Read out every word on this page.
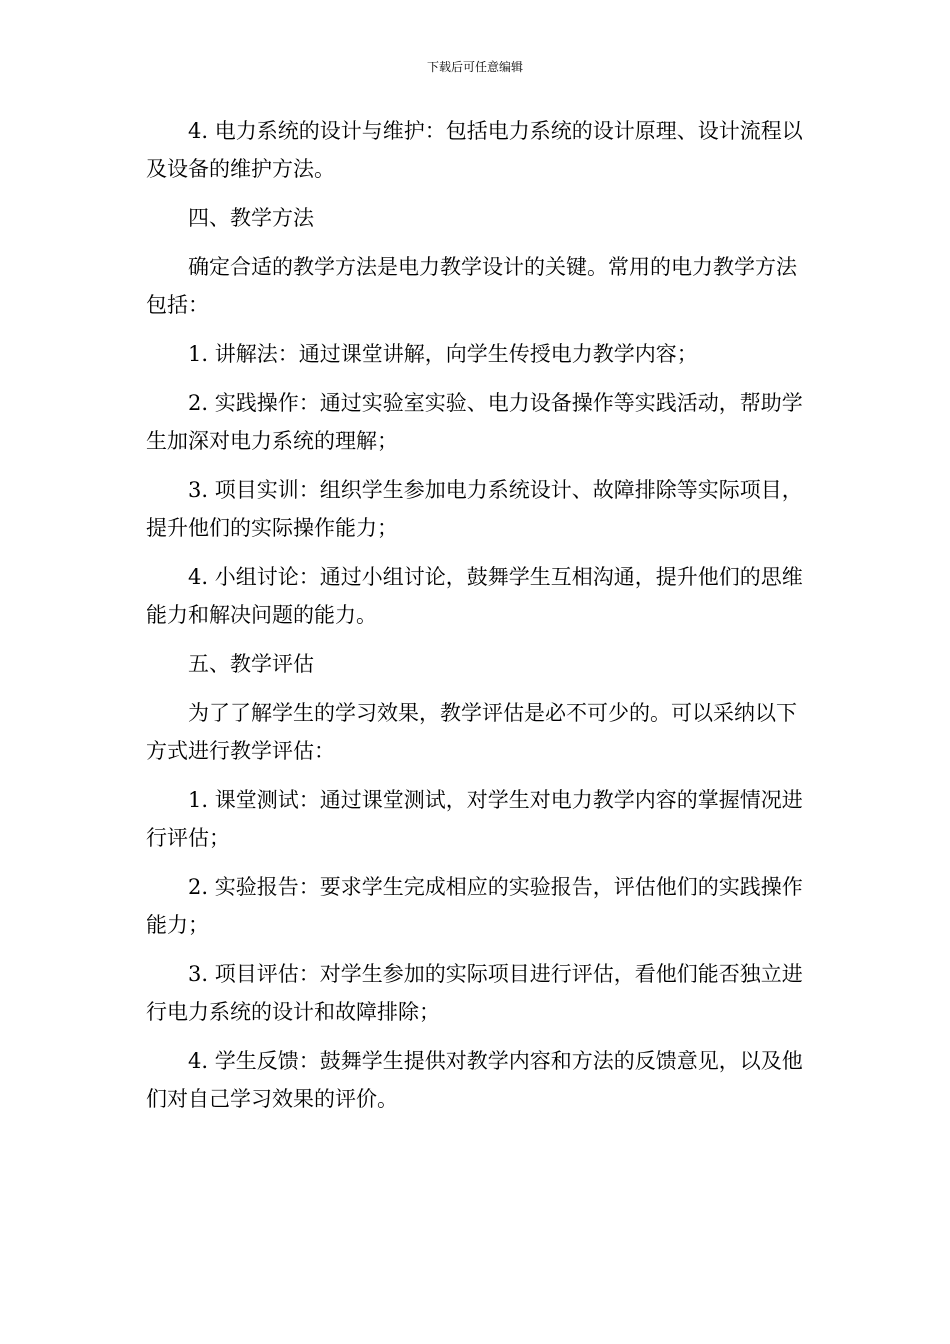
下载后可任意编辑

4. 电力系统的设计与维护：包括电力系统的设计原理、设计流程以及设备的维护方法。

四、教学方法

确定合适的教学方法是电力教学设计的关键。常用的电力教学方法包括：

1. 讲解法：通过课堂讲解，向学生传授电力教学内容；

2. 实践操作：通过实验室实验、电力设备操作等实践活动，帮助学生加深对电力系统的理解；

3. 项目实训：组织学生参加电力系统设计、故障排除等实际项目，提升他们的实际操作能力；

4. 小组讨论：通过小组讨论，鼓舞学生互相沟通，提升他们的思维能力和解决问题的能力。

五、教学评估

为了了解学生的学习效果，教学评估是必不可少的。可以采纳以下方式进行教学评估：

1. 课堂测试：通过课堂测试，对学生对电力教学内容的掌握情况进行评估；

2. 实验报告：要求学生完成相应的实验报告，评估他们的实践操作能力；

3. 项目评估：对学生参加的实际项目进行评估，看他们能否独立进行电力系统的设计和故障排除；

4. 学生反馈：鼓舞学生提供对教学内容和方法的反馈意见，以及他们对自己学习效果的评价。
